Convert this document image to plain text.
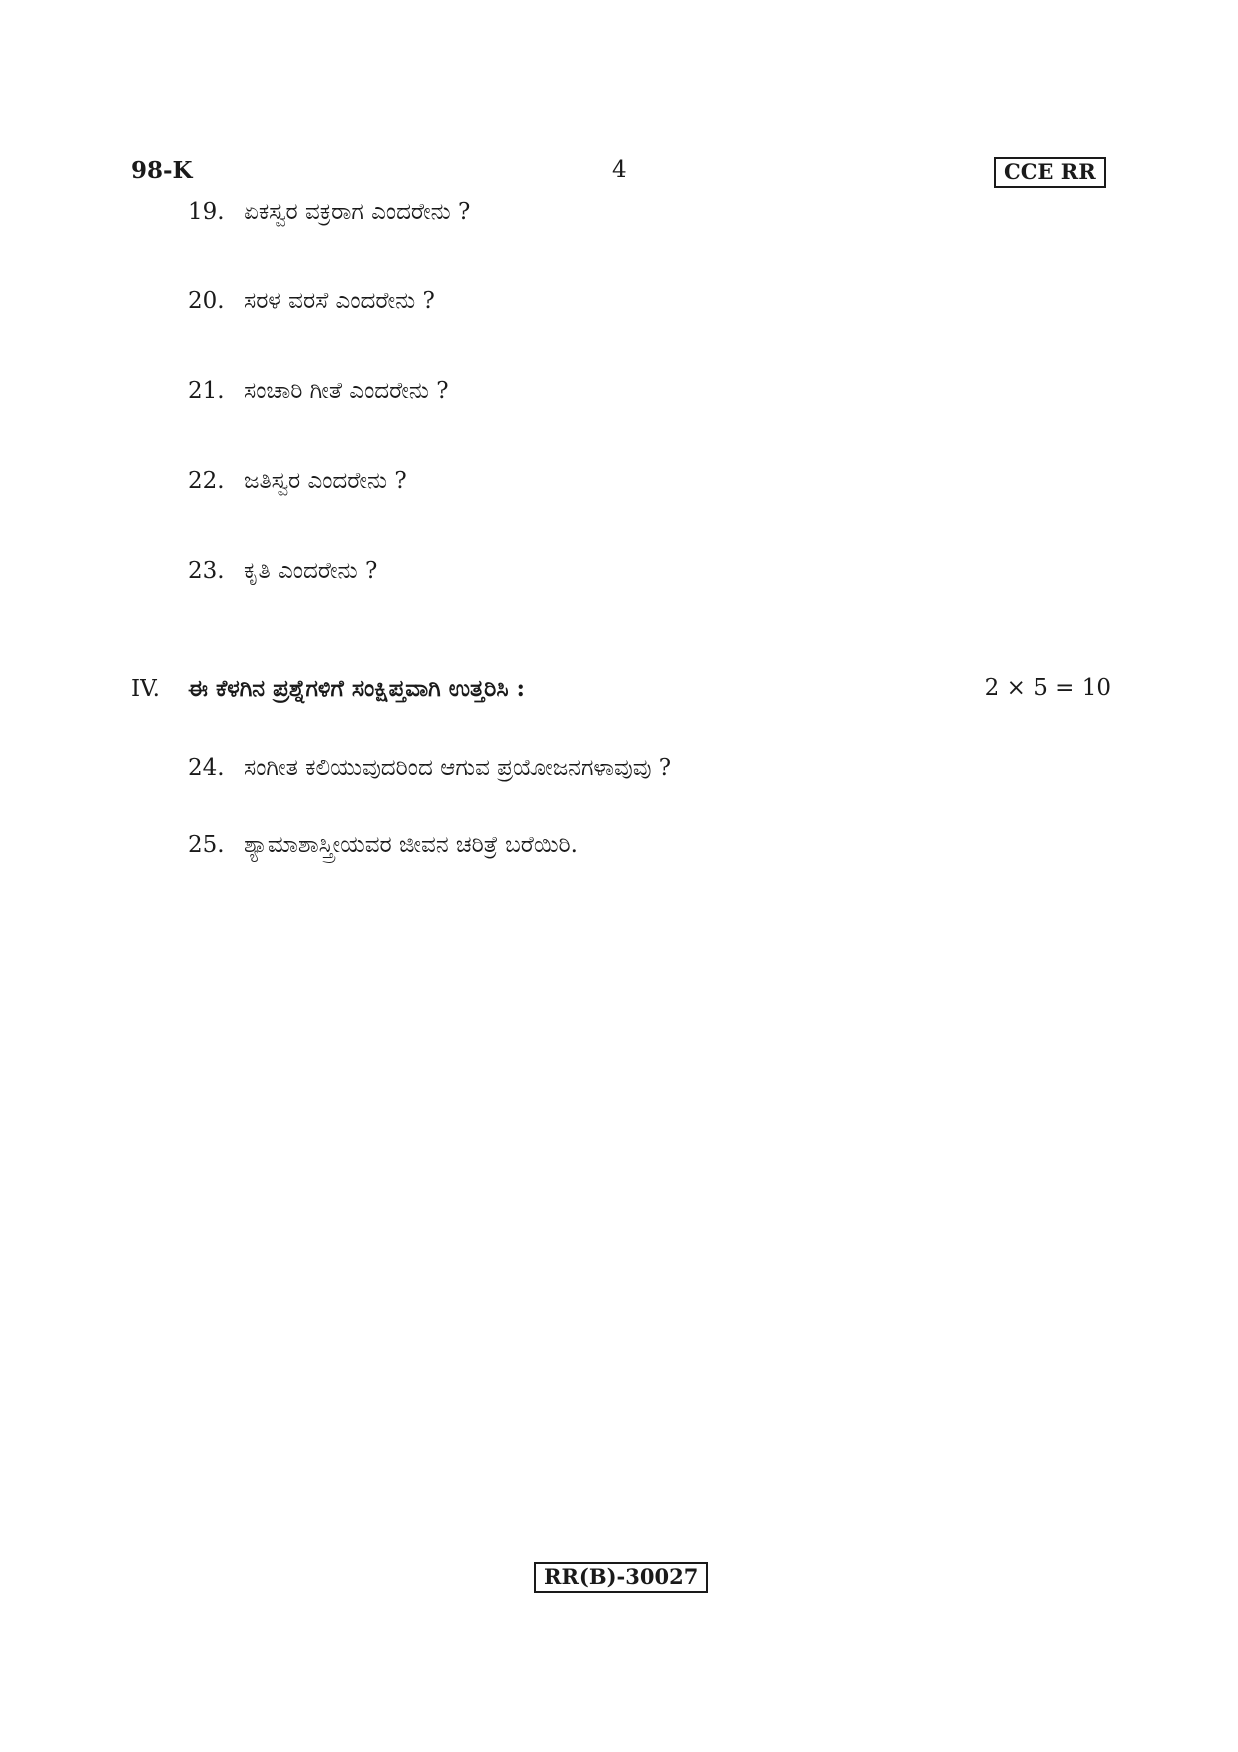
98-K	4	CCE RR
19. ಏಕಸ್ವರ ವಕ್ರರಾಗ ಎಂದರೇನು ?
20. ಸರಳ ವರಸೆ ಎಂದರೇನು ?
21. ಸಂಚಾರಿ ಗೀತೆ ಎಂದರೇನು ?
22. ಜತಿಸ್ವರ ಎಂದರೇನು ?
23. ಕೃತಿ ಎಂದರೇನು ?
IV. ಈ ಕೆಳಗಿನ ಪ್ರಶ್ನೆಗಳಿಗೆ ಸಂಕ್ಷಿಪ್ತವಾಗಿ ಉತ್ತರಿಸಿ :	2 × 5 = 10
24. ಸಂಗೀತ ಕಲಿಯುವುದರಿಂದ ಆಗುವ ಪ್ರಯೋಜನಗಳಾವುವು ?
25. ಶ್ಯಾಮಾಶಾಸ್ತ್ರೀಯವರ ಜೀವನ ಚರಿತ್ರೆ ಬರೆಯಿರಿ.
RR(B)-30027
